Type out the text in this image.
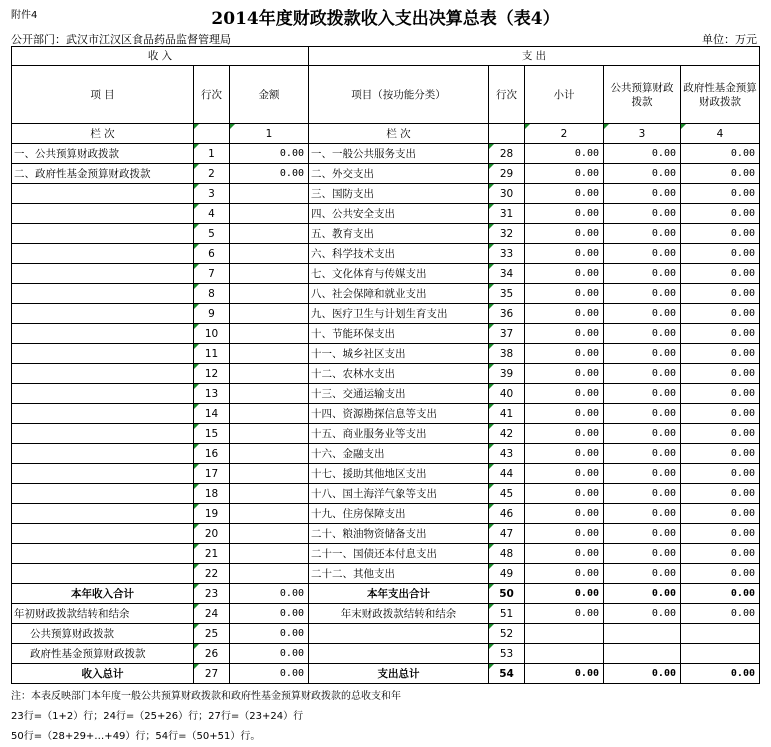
附件4	2014年度财政拨款收入支出决算总表（表4）
公开部门：武汉市江汉区食品药品监督管理局	单位：万元
收 入			支 出				
项 目	行次	金额	项目（按功能分类）	行次	小计	公共预算财政拨款	政府性基金预算财政拨款
栏 次		1	栏 次		2	3	4
一、公共预算财政拨款	1	0.00	一、一般公共服务支出	28	0.00	0.00	0.00
二、政府性基金预算财政拨款	2	0.00	二、外交支出	29	0.00	0.00	0.00
	3		三、国防支出	30	0.00	0.00	0.00
	4		四、公共安全支出	31	0.00	0.00	0.00
	5		五、教育支出	32	0.00	0.00	0.00
	6		六、科学技术支出	33	0.00	0.00	0.00
	7		七、文化体育与传媒支出	34	0.00	0.00	0.00
	8		八、社会保障和就业支出	35	0.00	0.00	0.00
	9		九、医疗卫生与计划生育支出	36	0.00	0.00	0.00
	10		十、节能环保支出	37	0.00	0.00	0.00
	11		十一、城乡社区支出	38	0.00	0.00	0.00
	12		十二、农林水支出	39	0.00	0.00	0.00
	13		十三、交通运输支出	40	0.00	0.00	0.00
	14		十四、资源勘探信息等支出	41	0.00	0.00	0.00
	15		十五、商业服务业等支出	42	0.00	0.00	0.00
	16		十六、金融支出	43	0.00	0.00	0.00
	17		十七、援助其他地区支出	44	0.00	0.00	0.00
	18		十八、国土海洋气象等支出	45	0.00	0.00	0.00
	19		十九、住房保障支出	46	0.00	0.00	0.00
	20		二十、粮油物资储备支出	47	0.00	0.00	0.00
	21		二十一、国债还本付息支出	48	0.00	0.00	0.00
	22		二十二、其他支出	49	0.00	0.00	0.00
本年收入合计	23	0.00	本年支出合计	50	0.00	0.00	0.00
年初财政拨款结转和结余	24	0.00	年末财政拨款结转和结余	51	0.00	0.00	0.00
公共预算财政拨款	25	0.00		52			
政府性基金预算财政拨款	26	0.00		53			
收入总计	27	0.00	支出总计	54	0.00	0.00	0.00
注：本表反映部门本年度一般公共预算财政拨款和政府性基金预算财政拨款的总收支和年
23行=（1+2）行；24行=（25+26）行；27行=（23+24）行
50行=（28+29+…+49）行；54行=（50+51）行。
